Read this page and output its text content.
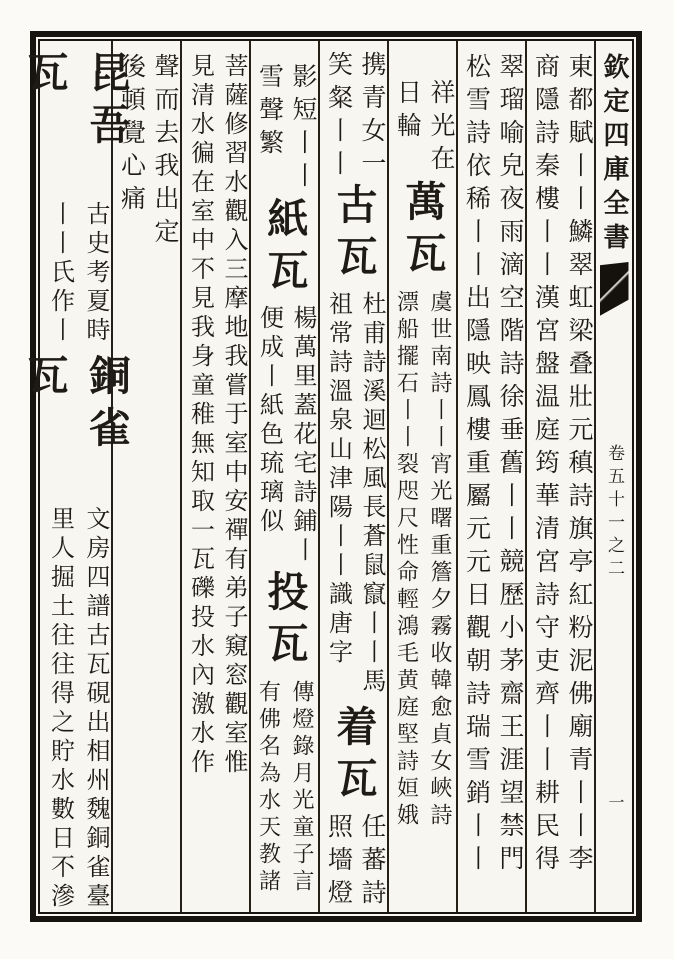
欽定四庫全書
卷五十一之二
一
東都賦丨丨鱗翠虹梁叠壯元稹詩旗亭紅粉泥佛廟青丨丨李
商隱詩秦樓丨丨漢宮盤温庭筠華清宮詩守吏齊丨丨耕民得
翠瑠喻皃夜雨滴空階詩徐垂舊丨丨競歷小茅齋王涯望禁門
松雪詩依稀丨丨出隱映鳳樓重屬元元日觀朝詩瑞雪銷丨丨
祥光在
日輪
萬瓦
虞世南詩丨丨宵光曙重簷夕霧收韓愈貞女峽詩
漂船擺石丨丨裂咫尺性命輕鴻毛黄庭堅詩姮娥
携青女一
笑粲丨丨
古瓦
杜甫詩溪迴松風長蒼鼠竄丨丨馬
祖常詩溫泉山津陽丨丨識唐字
着瓦
任蕃詩
照墻燈
影短丨丨
雪聲繁
紙瓦
楊萬里蓋花宅詩鋪丨
便成丨紙色琉璃似
投瓦
傳燈錄月光童子言
有佛名為水天教諸
菩薩修習水觀入三摩地我嘗于室中安禪有弟子窺窓觀室惟
見清水徧在室中不見我身童稚無知取一瓦礫投水內激水作
聲而去我出定
後頓覺心痛
昆吾瓦
古史考夏時
丨丨氏作丨
銅雀瓦
文房四譜古瓦硯出相州魏銅雀臺
里人掘土往往得之貯水數日不滲
